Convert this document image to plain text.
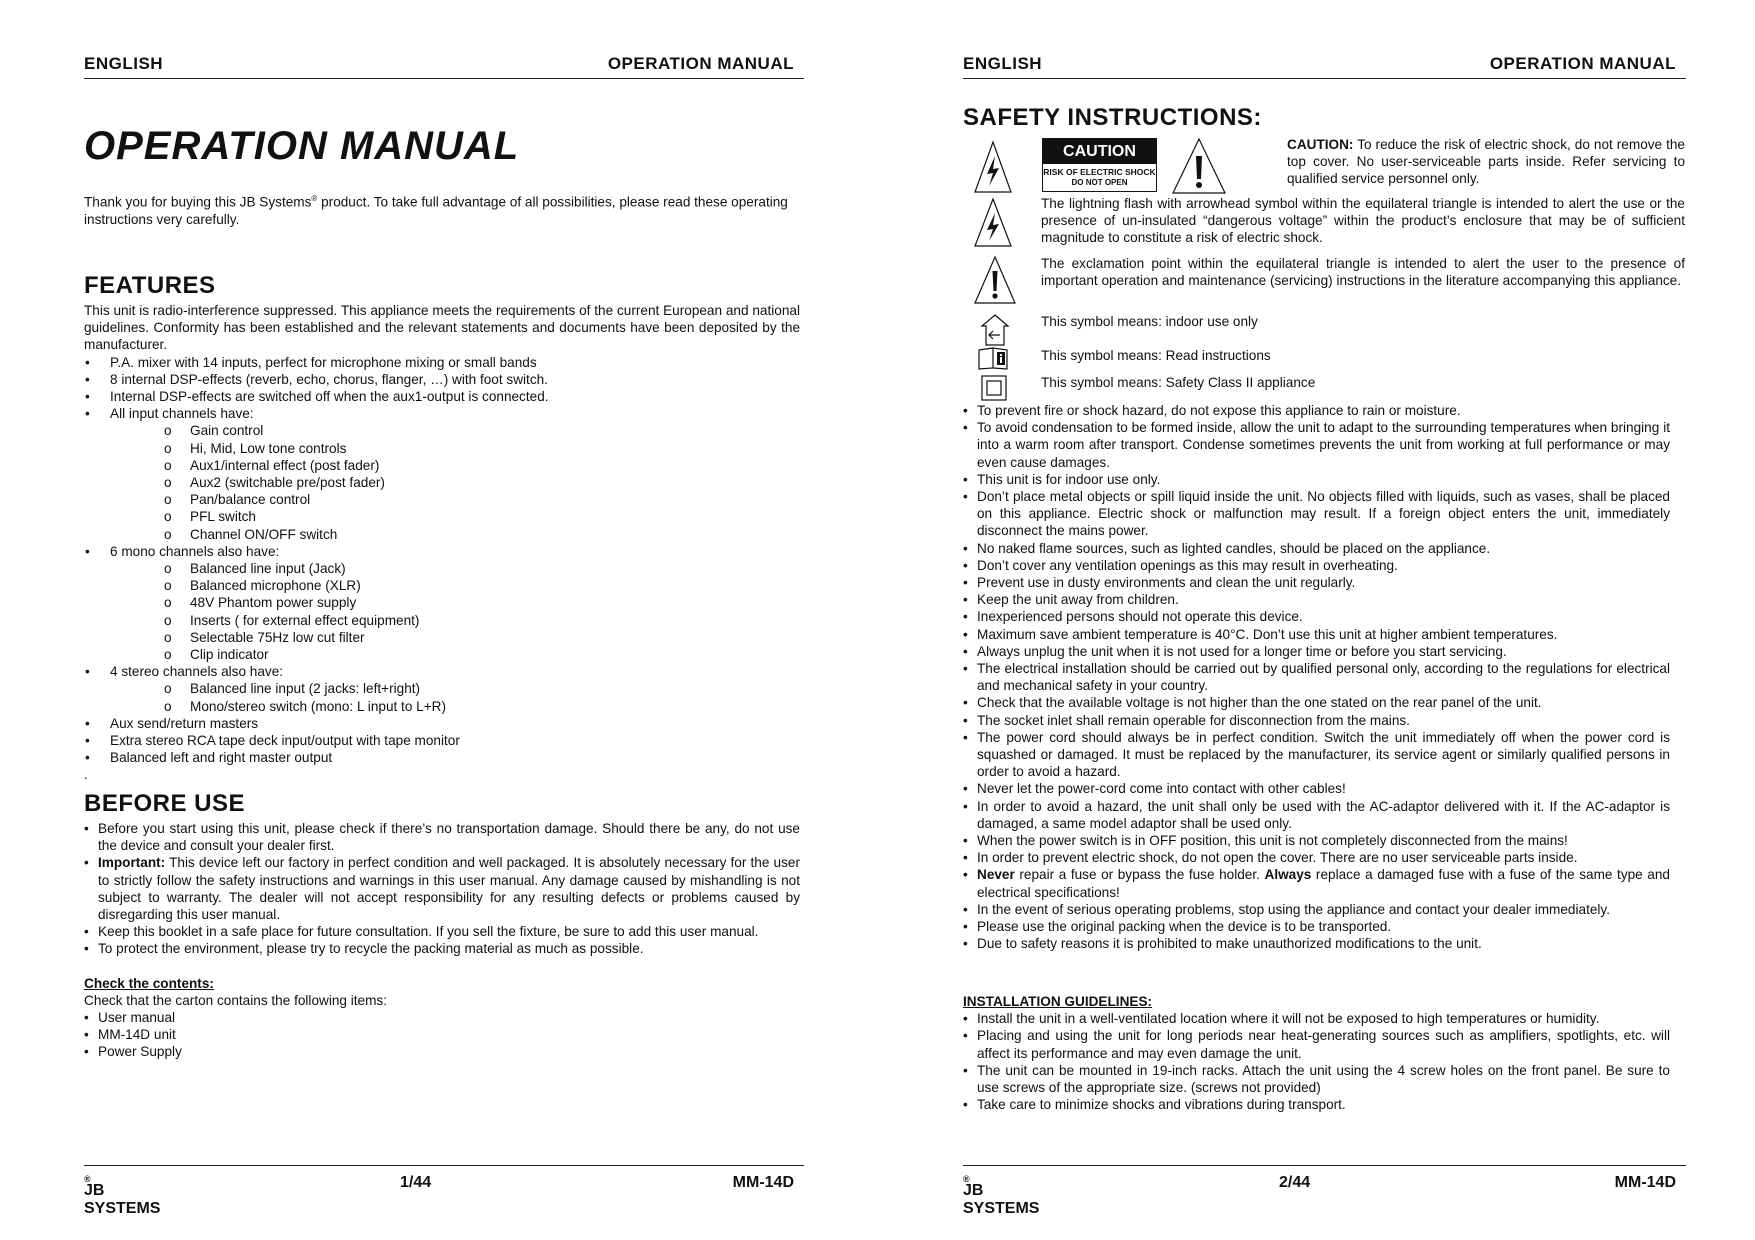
ENGLISH	OPERATION MANUAL
OPERATION MANUAL

Thank you for buying this JB Systems® product. To take full advantage of all possibilities, please read these operating instructions very carefully.

FEATURES

This unit is radio-interference suppressed. This appliance meets the requirements of the current European and national guidelines. Conformity has been established and the relevant statements and documents have been deposited by the manufacturer.

• P.A. mixer with 14 inputs, perfect for microphone mixing or small bands
• 8 internal DSP-effects (reverb, echo, chorus, flanger, …) with foot switch.
• Internal DSP-effects are switched off when the aux1-output is connected.
• All input channels have:
o Gain control
o Hi, Mid, Low tone controls
o Aux1/internal effect (post fader)
o Aux2 (switchable pre/post fader)
o Pan/balance control
o PFL switch
o Channel ON/OFF switch
• 6 mono channels also have:
o Balanced line input (Jack)
o Balanced microphone (XLR)
o 48V Phantom power supply
o Inserts ( for external effect equipment)
o Selectable 75Hz low cut filter
o Clip indicator
• 4 stereo channels also have:
o Balanced line input (2 jacks: left+right)
o Mono/stereo switch (mono: L input to L+R)
• Aux send/return masters
• Extra stereo RCA tape deck input/output with tape monitor
• Balanced left and right master output

.

BEFORE USE
• Before you start using this unit, please check if there’s no transportation damage. Should there be any, do not use the device and consult your dealer first.
• Important: This device left our factory in perfect condition and well packaged. It is absolutely necessary for the user to strictly follow the safety instructions and warnings in this user manual. Any damage caused by mishandling is not subject to warranty. The dealer will not accept responsibility for any resulting defects or problems caused by disregarding this user manual.
• Keep this booklet in a safe place for future consultation. If you sell the fixture, be sure to add this user manual.
• To protect the environment, please try to recycle the packing material as much as possible.

Check the contents:

Check that the carton contains the following items:

• User manual
• MM-14D unit
• Power Supply
JB SYSTEMS
®	1/44	MM-14D
ENGLISH	OPERATION MANUAL
SAFETY INSTRUCTIONS:
CAUTION
RISK OF ELECTRIC SHOCK
DO NOT OPEN

CAUTION: To reduce the risk of electric shock, do not remove the top cover. No user-serviceable parts inside. Refer servicing to qualified service personnel only.

The lightning flash with arrowhead symbol within the equilateral triangle is intended to alert the use or the presence of un-insulated “dangerous voltage” within the product’s enclosure that may be of sufficient magnitude to constitute a risk of electric shock.

The exclamation point within the equilateral triangle is intended to alert the user to the presence of important operation and maintenance (servicing) instructions in the literature accompanying this appliance.

This symbol means: indoor use only

This symbol means: Read instructions

This symbol means: Safety Class II appliance

• To prevent fire or shock hazard, do not expose this appliance to rain or moisture.
• To avoid condensation to be formed inside, allow the unit to adapt to the surrounding temperatures when bringing it into a warm room after transport. Condense sometimes prevents the unit from working at full performance or may even cause damages.
• This unit is for indoor use only.
• Don’t place metal objects or spill liquid inside the unit. No objects filled with liquids, such as vases, shall be placed on this appliance. Electric shock or malfunction may result. If a foreign object enters the unit, immediately disconnect the mains power.
• No naked flame sources, such as lighted candles, should be placed on the appliance.
• Don’t cover any ventilation openings as this may result in overheating.
• Prevent use in dusty environments and clean the unit regularly.
• Keep the unit away from children.
• Inexperienced persons should not operate this device.
• Maximum save ambient temperature is 40°C. Don’t use this unit at higher ambient temperatures.
• Always unplug the unit when it is not used for a longer time or before you start servicing.
• The electrical installation should be carried out by qualified personal only, according to the regulations for electrical and mechanical safety in your country.
• Check that the available voltage is not higher than the one stated on the rear panel of the unit.
• The socket inlet shall remain operable for disconnection from the mains.
• The power cord should always be in perfect condition. Switch the unit immediately off when the power cord is squashed or damaged. It must be replaced by the manufacturer, its service agent or similarly qualified persons in order to avoid a hazard.
• Never let the power-cord come into contact with other cables!
• In order to avoid a hazard, the unit shall only be used with the AC-adaptor delivered with it. If the AC-adaptor is damaged, a same model adaptor shall be used only.
• When the power switch is in OFF position, this unit is not completely disconnected from the mains!
• In order to prevent electric shock, do not open the cover. There are no user serviceable parts inside.
• Never repair a fuse or bypass the fuse holder. Always replace a damaged fuse with a fuse of the same type and electrical specifications!
• In the event of serious operating problems, stop using the appliance and contact your dealer immediately.
• Please use the original packing when the device is to be transported.
• Due to safety reasons it is prohibited to make unauthorized modifications to the unit.

INSTALLATION GUIDELINES:

• Install the unit in a well-ventilated location where it will not be exposed to high temperatures or humidity.
• Placing and using the unit for long periods near heat-generating sources such as amplifiers, spotlights, etc. will affect its performance and may even damage the unit.
• The unit can be mounted in 19-inch racks. Attach the unit using the 4 screw holes on the front panel. Be sure to use screws of the appropriate size. (screws not provided)
• Take care to minimize shocks and vibrations during transport.
JB SYSTEMS
®	2/44	MM-14D
